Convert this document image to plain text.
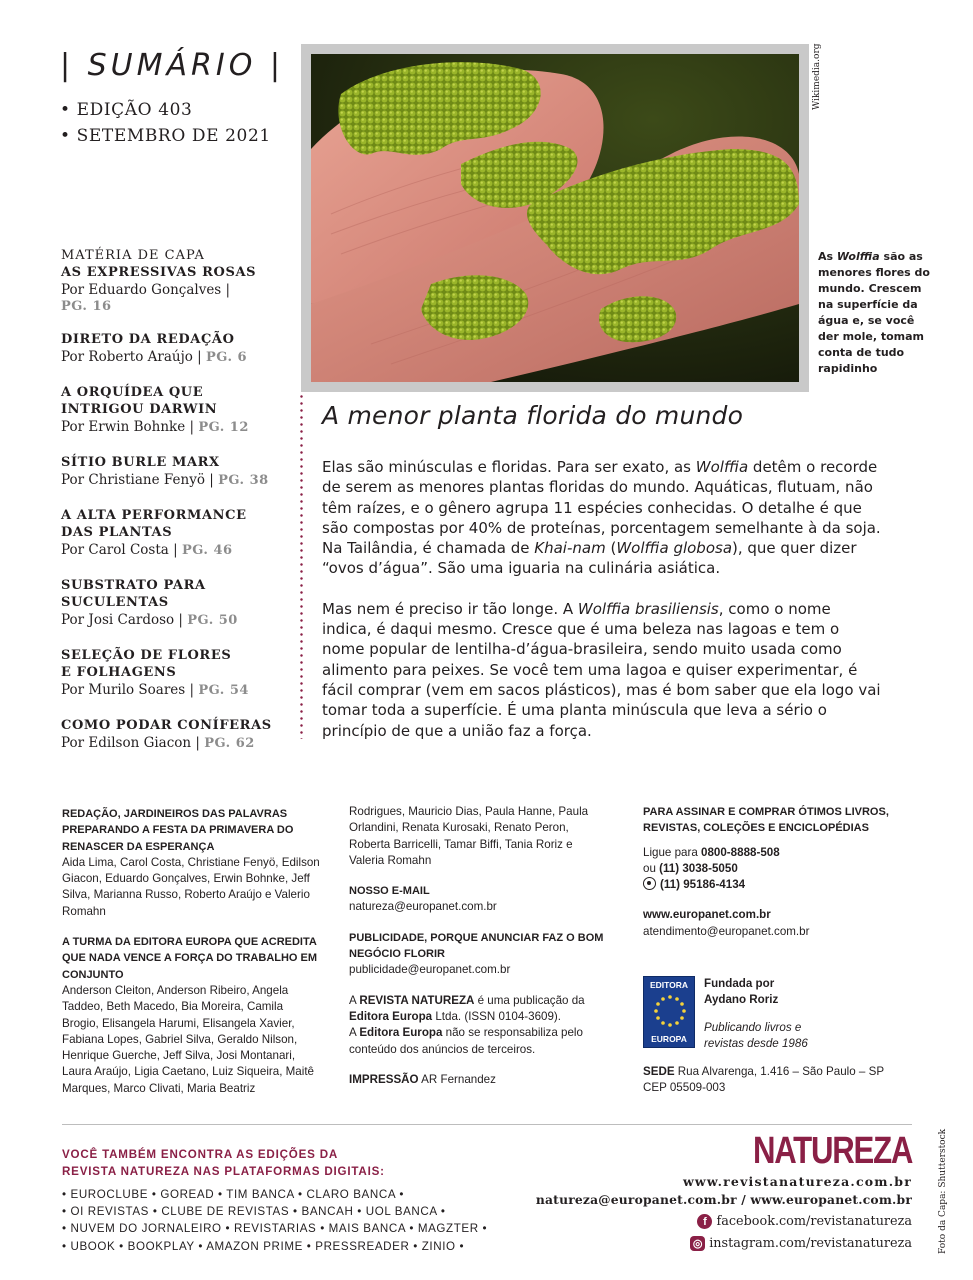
| SUMÁRIO |
• EDIÇÃO 403
• SETEMBRO DE 2021
MATÉRIA DE CAPA
AS EXPRESSIVAS ROSAS
Por Eduardo Gonçalves |
PG. 16
DIRETO DA REDAÇÃO
Por Roberto Araújo | PG. 6
A ORQUÍDEA QUE
INTRIGOU DARWIN
Por Erwin Bohnke | PG. 12
SÍTIO BURLE MARX
Por Christiane Fenyö | PG. 38
A ALTA PERFORMANCE
DAS PLANTAS
Por Carol Costa | PG. 46
SUBSTRATO PARA
SUCULENTAS
Por Josi Cardoso | PG. 50
SELEÇÃO DE FLORES
E FOLHAGENS
Por Murilo Soares | PG. 54
COMO PODAR CONÍFERAS
Por Edilson Giacon | PG. 62
Wikimedia.org
As Wolffia são as menores flores do mundo. Crescem na superfície da água e, se você der mole, tomam conta de tudo rapidinho
A menor planta florida do mundo

Elas são minúsculas e floridas. Para ser exato, as Wolffia detêm o recorde de serem as menores plantas floridas do mundo. Aquáticas, flutuam, não têm raízes, e o gênero agrupa 11 espécies conhecidas. O detalhe é que são compostas por 40% de proteínas, porcentagem semelhante à da soja. Na Tailândia, é chamada de Khai-nam (Wolffia globosa), que quer dizer “ovos d’água”. São uma iguaria na culinária asiática.

Mas nem é preciso ir tão longe. A Wolffia brasiliensis, como o nome indica, é daqui mesmo. Cresce que é uma beleza nas lagoas e tem o nome popular de lentilha-d’água-brasileira, sendo muito usada como alimento para peixes. Se você tem uma lagoa e quiser experimentar, é fácil comprar (vem em sacos plásticos), mas é bom saber que ela logo vai tomar toda a superfície. É uma planta minúscula que leva a sério o princípio de que a união faz a força.

REDAÇÃO, JARDINEIROS DAS PALAVRAS PREPARANDO A FESTA DA PRIMAVERA DO RENASCER DA ESPERANÇA
Aida Lima, Carol Costa, Christiane Fenyö, Edilson Giacon, Eduardo Gonçalves, Erwin Bohnke, Jeff Silva, Marianna Russo, Roberto Araújo e Valerio Romahn

A TURMA DA EDITORA EUROPA QUE ACREDITA QUE NADA VENCE A FORÇA DO TRABALHO EM CONJUNTO
Anderson Cleiton, Anderson Ribeiro, Angela Taddeo, Beth Macedo, Bia Moreira, Camila Brogio, Elisangela Harumi, Elisangela Xavier, Fabiana Lopes, Gabriel Silva, Geraldo Nilson, Henrique Guerche, Jeff Silva, Josi Montanari, Laura Araújo, Ligia Caetano, Luiz Siqueira, Maitê Marques, Marco Clivati, Maria Beatriz

Rodrigues, Mauricio Dias, Paula Hanne, Paula Orlandini, Renata Kurosaki, Renato Peron, Roberta Barricelli, Tamar Biffi, Tania Roriz e Valeria Romahn

NOSSO E-MAIL
natureza@europanet.com.br

PUBLICIDADE, PORQUE ANUNCIAR FAZ O BOM NEGÓCIO FLORIR
publicidade@europanet.com.br

A REVISTA NATUREZA é uma publicação da Editora Europa Ltda. (ISSN 0104-3609).
A Editora Europa não se responsabiliza pelo conteúdo dos anúncios de terceiros.

IMPRESSÃO AR Fernandez

PARA ASSINAR E COMPRAR ÓTIMOS LIVROS, REVISTAS, COLEÇÕES E ENCICLOPÉDIAS

Ligue para 0800-8888-508
ou (11) 3038-5050
(11) 95186-4134

www.europanet.com.br
atendimento@europanet.com.br

EDITORA
EUROPA
Fundada por Aydano Roriz
Publicando livros e revistas desde 1986
SEDE Rua Alvarenga, 1.416 – São Paulo – SP
CEP 05509-003
VOCÊ TAMBÉM ENCONTRA AS EDIÇÕES DA
REVISTA NATUREZA NAS PLATAFORMAS DIGITAIS:
• EUROCLUBE • GOREAD • TIM BANCA • CLARO BANCA •
• OI REVISTAS • CLUBE DE REVISTAS • BANCAH • UOL BANCA •
• NUVEM DO JORNALEIRO • REVISTARIAS • MAIS BANCA • MAGZTER •
• UBOOK • BOOKPLAY • AMAZON PRIME • PRESSREADER • ZINIO •
NATUREZA
www.revistanatureza.com.br
natureza@europanet.com.br / www.europanet.com.br
f facebook.com/revistanatureza
◎ instagram.com/revistanatureza	Foto da Capa: Shutterstock
